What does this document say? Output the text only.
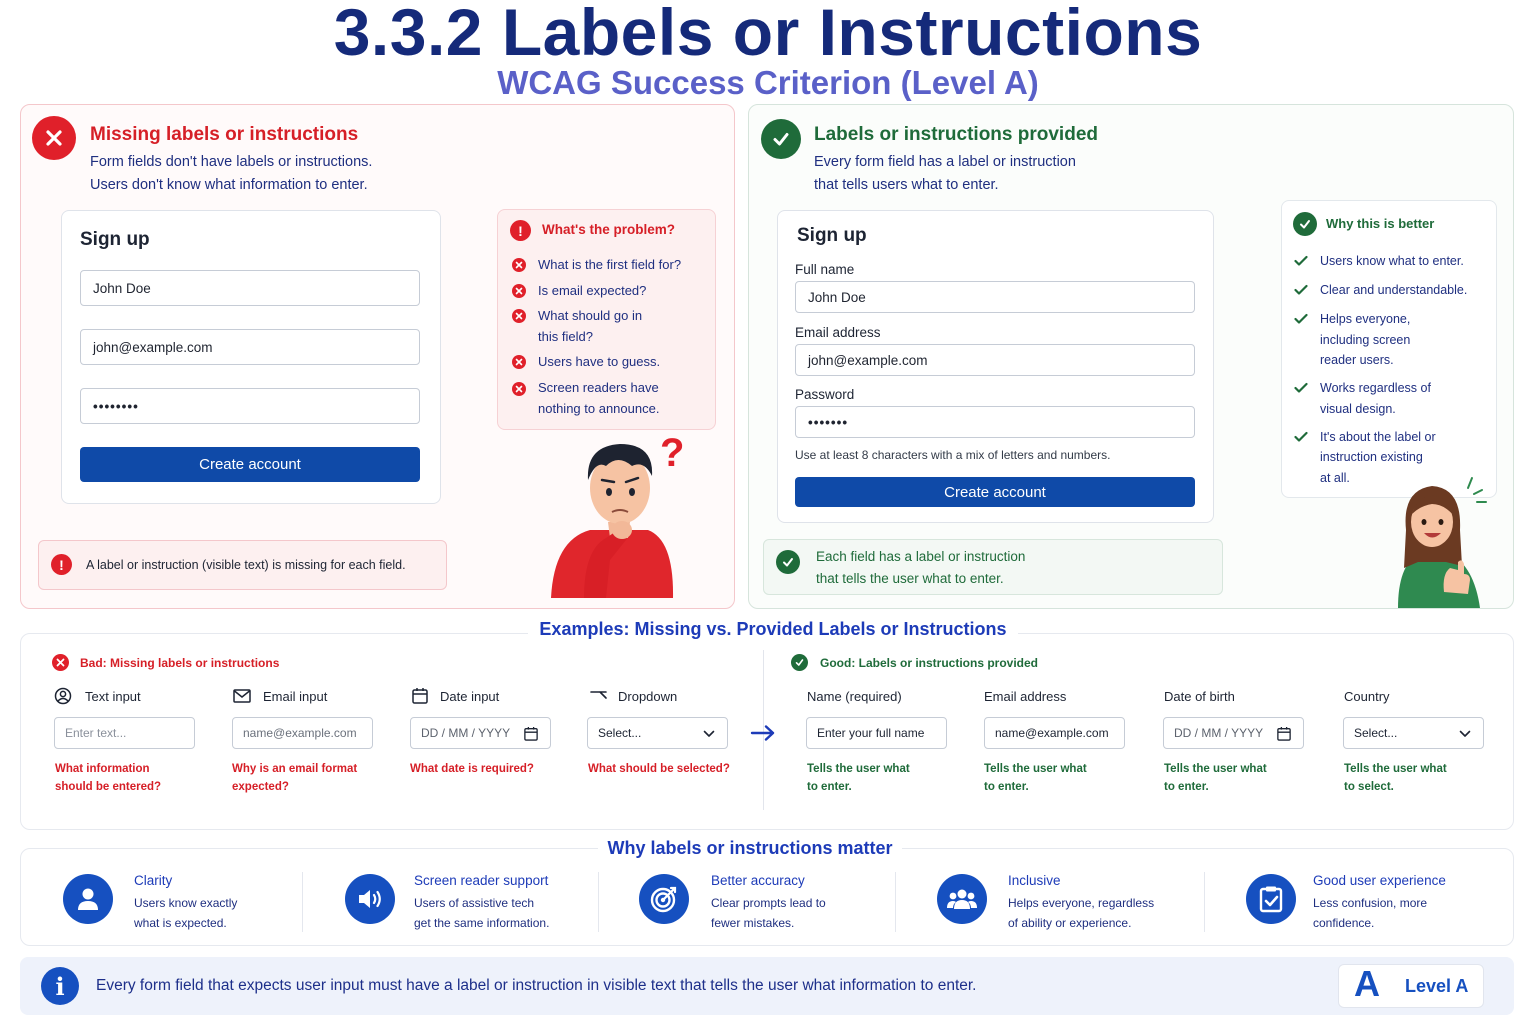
3.3.2 Labels or Instructions
WCAG Success Criterion (Level A)
Missing labels or instructions
Form fields don't have labels or instructions.
Users don't know what information to enter.
Sign up
John Doe
john@example.com
••••••••
Create account
!	What's the problem?
What is the first field for?
Is email expected?
What should go in
this field?
Users have to guess.
Screen readers have
nothing to announce.
?
!	A label or instruction (visible text) is missing for each field.
Labels or instructions provided
Every form field has a label or instruction
that tells users what to enter.
Sign up
Full name
John Doe
Email address
john@example.com
Password
•••••••
Use at least 8 characters with a mix of letters and numbers.
Create account
Why this is better
Users know what to enter.
Clear and understandable.
Helps everyone,
including screen
reader users.
Works regardless of
visual design.
It's about the label or
instruction existing
at all.
Each field has a label or instruction
that tells the user what to enter.
Examples: Missing vs. Provided Labels or Instructions
Bad: Missing labels or instructions	Good: Labels or instructions provided
Text input
Enter text...
What information
should be entered?
Email input
name@example.com
Why is an email format
expected?
Date input
DD / MM / YYYY
What date is required?
Dropdown
Select...
What should be selected?
Name (required)
Enter your full name
Tells the user what
to enter.
Email address
name@example.com
Tells the user what
to enter.
Date of birth
DD / MM / YYYY
Tells the user what
to enter.
Country
Select...
Tells the user what
to select.
Why labels or instructions matter
Clarity
Users know exactly
what is expected.
Screen reader support
Users of assistive tech
get the same information.
Better accuracy
Clear prompts lead to
fewer mistakes.
Inclusive
Helps everyone, regardless
of ability or experience.
Good user experience
Less confusion, more
confidence.
i	Every form field that expects user input must have a label or instruction in visible text that tells the user what information to enter.	A Level A
